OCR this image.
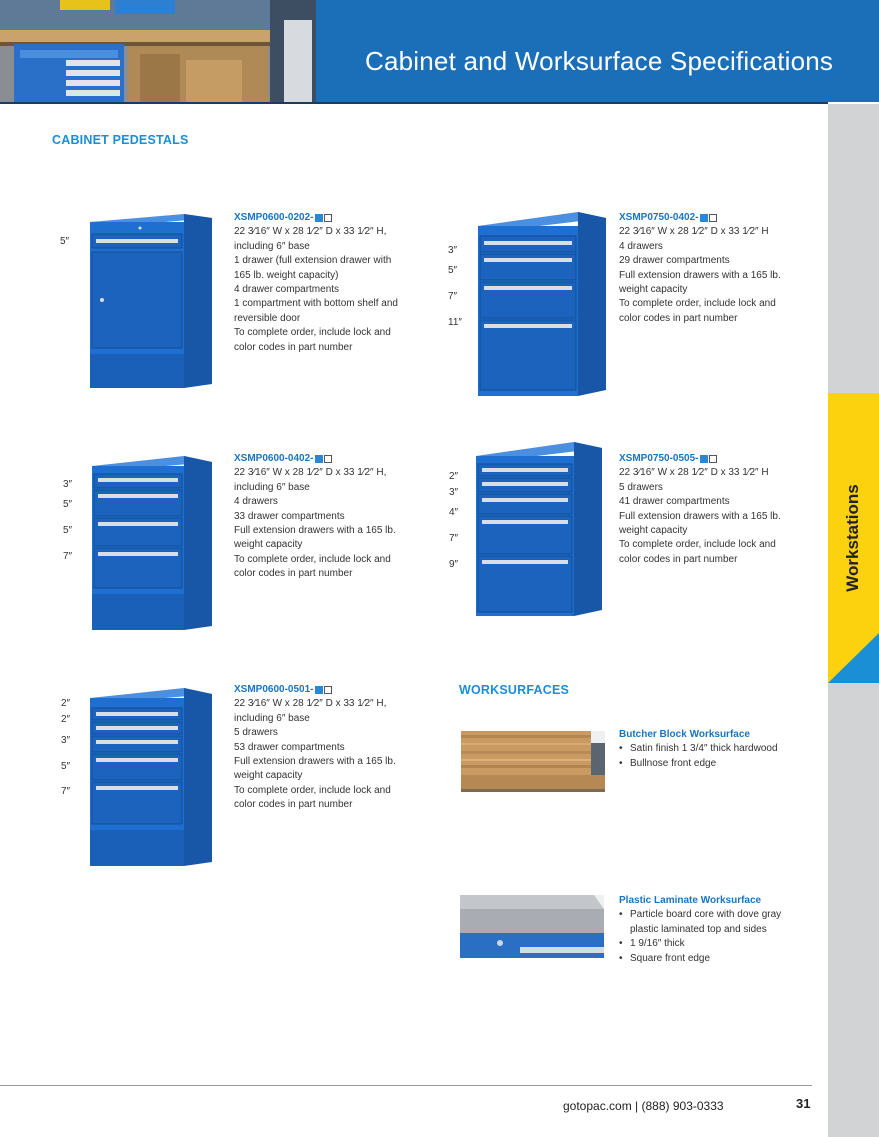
Cabinet and Worksurface Specifications
Workstations
CABINET PEDESTALS
WORKSURFACES
5″
XSMP0600-0202-
22 3⁄16″ W x 28 1⁄2″ D x 33 1⁄2″ H,
including 6″ base
1 drawer (full extension drawer with
165 lb. weight capacity)
4 drawer compartments
1 compartment with bottom shelf and
reversible door
To complete order, include lock and
color codes in part number
3″
5″
7″
11″
XSMP0750-0402-
22 3⁄16″ W x 28 1⁄2″ D x 33 1⁄2″ H
4 drawers
29 drawer compartments
Full extension drawers with a 165 lb.
weight capacity
To complete order, include lock and
color codes in part number
3″
5″
5″
7″
XSMP0600-0402-
22 3⁄16″ W x 28 1⁄2″ D x 33 1⁄2″ H,
including 6″ base
4 drawers
33 drawer compartments
Full extension drawers with a 165 lb.
weight capacity
To complete order, include lock and
color codes in part number
2″
3″
4″
7″
9″
XSMP0750-0505-
22 3⁄16″ W x 28 1⁄2″ D x 33 1⁄2″ H
5 drawers
41 drawer compartments
Full extension drawers with a 165 lb.
weight capacity
To complete order, include lock and
color codes in part number
2″
2″
3″
5″
7″
XSMP0600-0501-
22 3⁄16″ W x 28 1⁄2″ D x 33 1⁄2″ H,
including 6″ base
5 drawers
53 drawer compartments
Full extension drawers with a 165 lb.
weight capacity
To complete order, include lock and
color codes in part number
Butcher Block Worksurface
• Satin finish 1 3/4″ thick hardwood
• Bullnose front edge
Plastic Laminate Worksurface
• Particle board core with dove gray plastic laminated top and sides
• 1 9/16″ thick
• Square front edge
gotopac.com | (888) 903-0333	31
